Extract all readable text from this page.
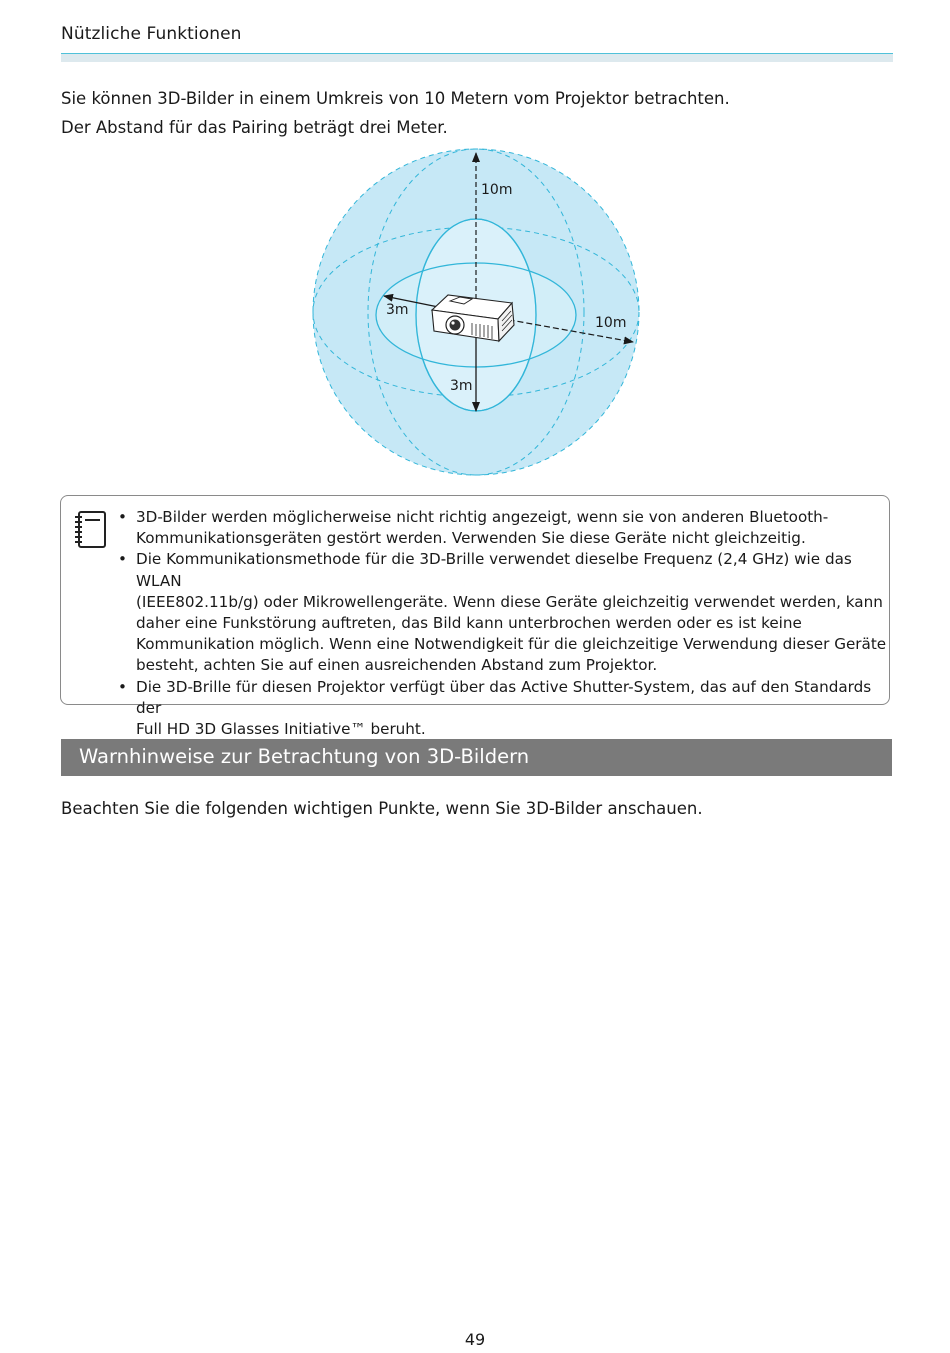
Nützliche Funktionen
Sie können 3D-Bilder in einem Umkreis von 10 Metern vom Projektor betrachten.
Der Abstand für das Pairing beträgt drei Meter.
10m
10m
3m
3m
• 3D-Bilder werden möglicherweise nicht richtig angezeigt, wenn sie von anderen Bluetooth-
Kommunikationsgeräten gestört werden. Verwenden Sie diese Geräte nicht gleichzeitig.
• Die Kommunikationsmethode für die 3D-Brille verwendet dieselbe Frequenz (2,4 GHz) wie das WLAN
(IEEE802.11b/g) oder Mikrowellengeräte. Wenn diese Geräte gleichzeitig verwendet werden, kann
daher eine Funkstörung auftreten, das Bild kann unterbrochen werden oder es ist keine
Kommunikation möglich. Wenn eine Notwendigkeit für die gleichzeitige Verwendung dieser Geräte
besteht, achten Sie auf einen ausreichenden Abstand zum Projektor.
• Die 3D-Brille für diesen Projektor verfügt über das Active Shutter-System, das auf den Standards der
Full HD 3D Glasses Initiative™ beruht.
Warnhinweise zur Betrachtung von 3D-Bildern
Beachten Sie die folgenden wichtigen Punkte, wenn Sie 3D-Bilder anschauen.
49
